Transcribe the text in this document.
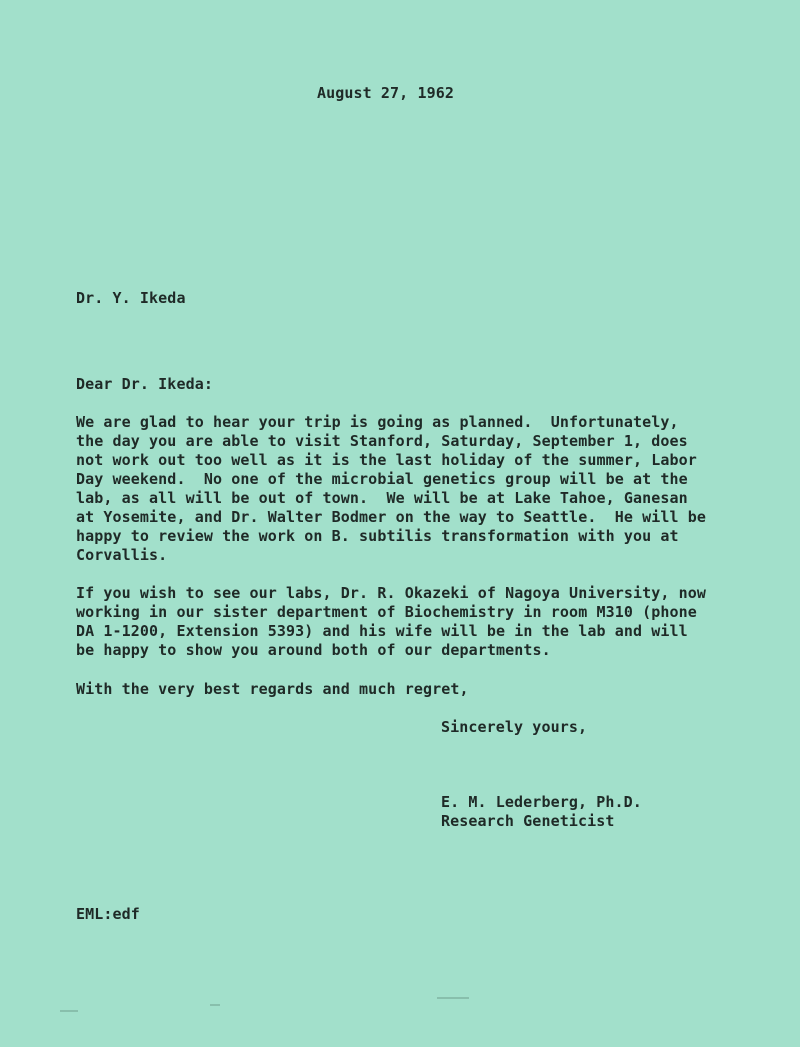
August 27, 1962
Dr. Y. Ikeda
Dear Dr. Ikeda:
We are glad to hear your trip is going as planned.  Unfortunately,
the day you are able to visit Stanford, Saturday, September 1, does
not work out too well as it is the last holiday of the summer, Labor
Day weekend.  No one of the microbial genetics group will be at the
lab, as all will be out of town.  We will be at Lake Tahoe, Ganesan
at Yosemite, and Dr. Walter Bodmer on the way to Seattle.  He will be
happy to review the work on B. subtilis transformation with you at
Corvallis.
If you wish to see our labs, Dr. R. Okazeki of Nagoya University, now
working in our sister department of Biochemistry in room M310 (phone
DA 1-1200, Extension 5393) and his wife will be in the lab and will
be happy to show you around both of our departments.
With the very best regards and much regret,
Sincerely yours,
E. M. Lederberg, Ph.D.
Research Geneticist
EML:edf
